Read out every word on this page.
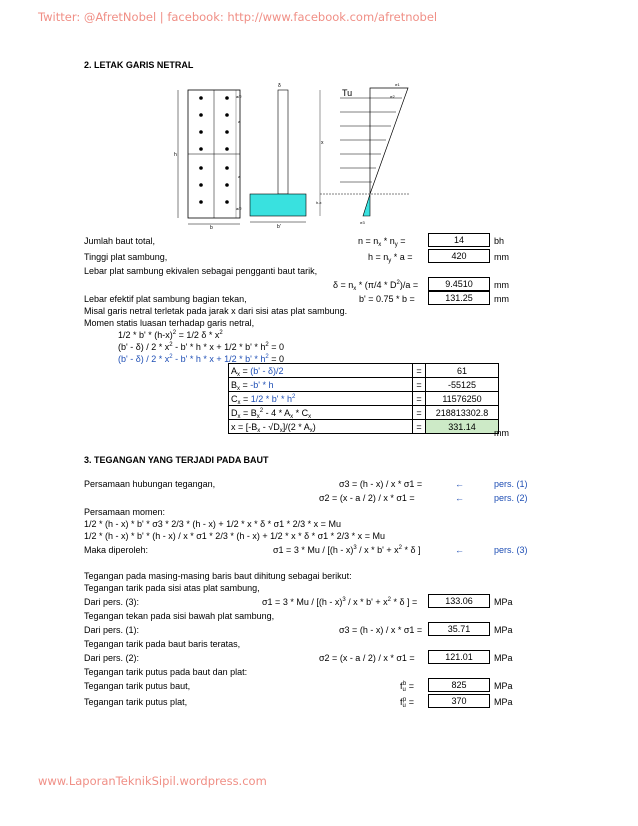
Twitter: @AfretNobel | facebook: http://www.facebook.com/afretnobel
2. LETAK GARIS NETRAL
h
a/2
a
a
a/2
b
δ
b'
x
h-x
Tu
σ1
σ2
σ3
Jumlah baut total,	$n = n_x * n_y$ =	14	bh
Tinggi plat sambung,	$h = n_y * a$ =	420	mm
Lebar plat sambung ekivalen sebagai pengganti baut tarik,
$\delta = n_x * (\pi/4 * D^2)/a$ =	9.4510	mm
Lebar efektif plat sambung bagian tekan,	b' = 0.75 * b =	131.25	mm
Misal garis netral terletak pada jarak x dari sisi atas plat sambung.
Momen statis luasan terhadap garis netral,
$1/2 * b' * (h-x)^2 = 1/2$ δ * $x^2$
$(b' - \delta) / 2 * x^2 - b' * h * x + 1/2 * b' * h^2 = 0$
$(b' - \delta) / 2 * x^2 - b' * h * x + 1/2 * b' * h^2 = 0$
$A_x = (b' - \delta)/2$	=	61
$B_x = -b' * h$	=	-55125
$C_x = 1/2 * b' * h^2$	=	11576250
$D_x = B_x^2 - 4 * A_x * C_x$	=	218813302.8
$x = [-B_x - √D_x]/(2 * A_x)$	=	331.14
mm
3. TEGANGAN YANG TERJADI PADA BAUT
Persamaan hubungan tegangan,	σ3 = (h - x) / x * σ1 =	←	pers. (1)
σ2 = (x - a / 2) / x * σ1 =	←	pers. (2)
Persamaan momen:
1/2 * (h - x) * b' * σ3 * 2/3 * (h - x) + 1/2 * x * δ * σ1 * 2/3 * x = Mu
1/2 * (h - x) * b' * (h - x) / x * σ1 * 2/3 * (h - x) + 1/2 * x * δ * σ1 * 2/3 * x = Mu
Maka diperoleh:	$\sigma 1 = 3 * Mu / [(h - x)^3 / x * b' + x^2 * \delta$ ]	←	pers. (3)
Tegangan pada masing-masing baris baut dihitung sebagai berikut:
Tegangan tarik pada sisi atas plat sambung,
Dari pers. (3):	$\sigma 1 = 3 * Mu / [(h - x)^3 / x * b' + x^2 * \delta$ ] =	133.06	MPa
Tegangan tekan pada sisi bawah plat sambung,
Dari pers. (1):	σ3 = (h - x) / x * σ1 =	35.71	MPa
Tegangan tarik pada baut baris teratas,
Dari pers. (2):	σ2 = (x - a / 2) / x * σ1 =	121.01	MPa
Tegangan tarik putus pada baut dan plat:
Tegangan tarik putus baut,	$f_u^b$ =	825	MPa
Tegangan tarik putus plat,	$f_u^p$ =	370	MPa
www.LaporanTeknikSipil.wordpress.com
